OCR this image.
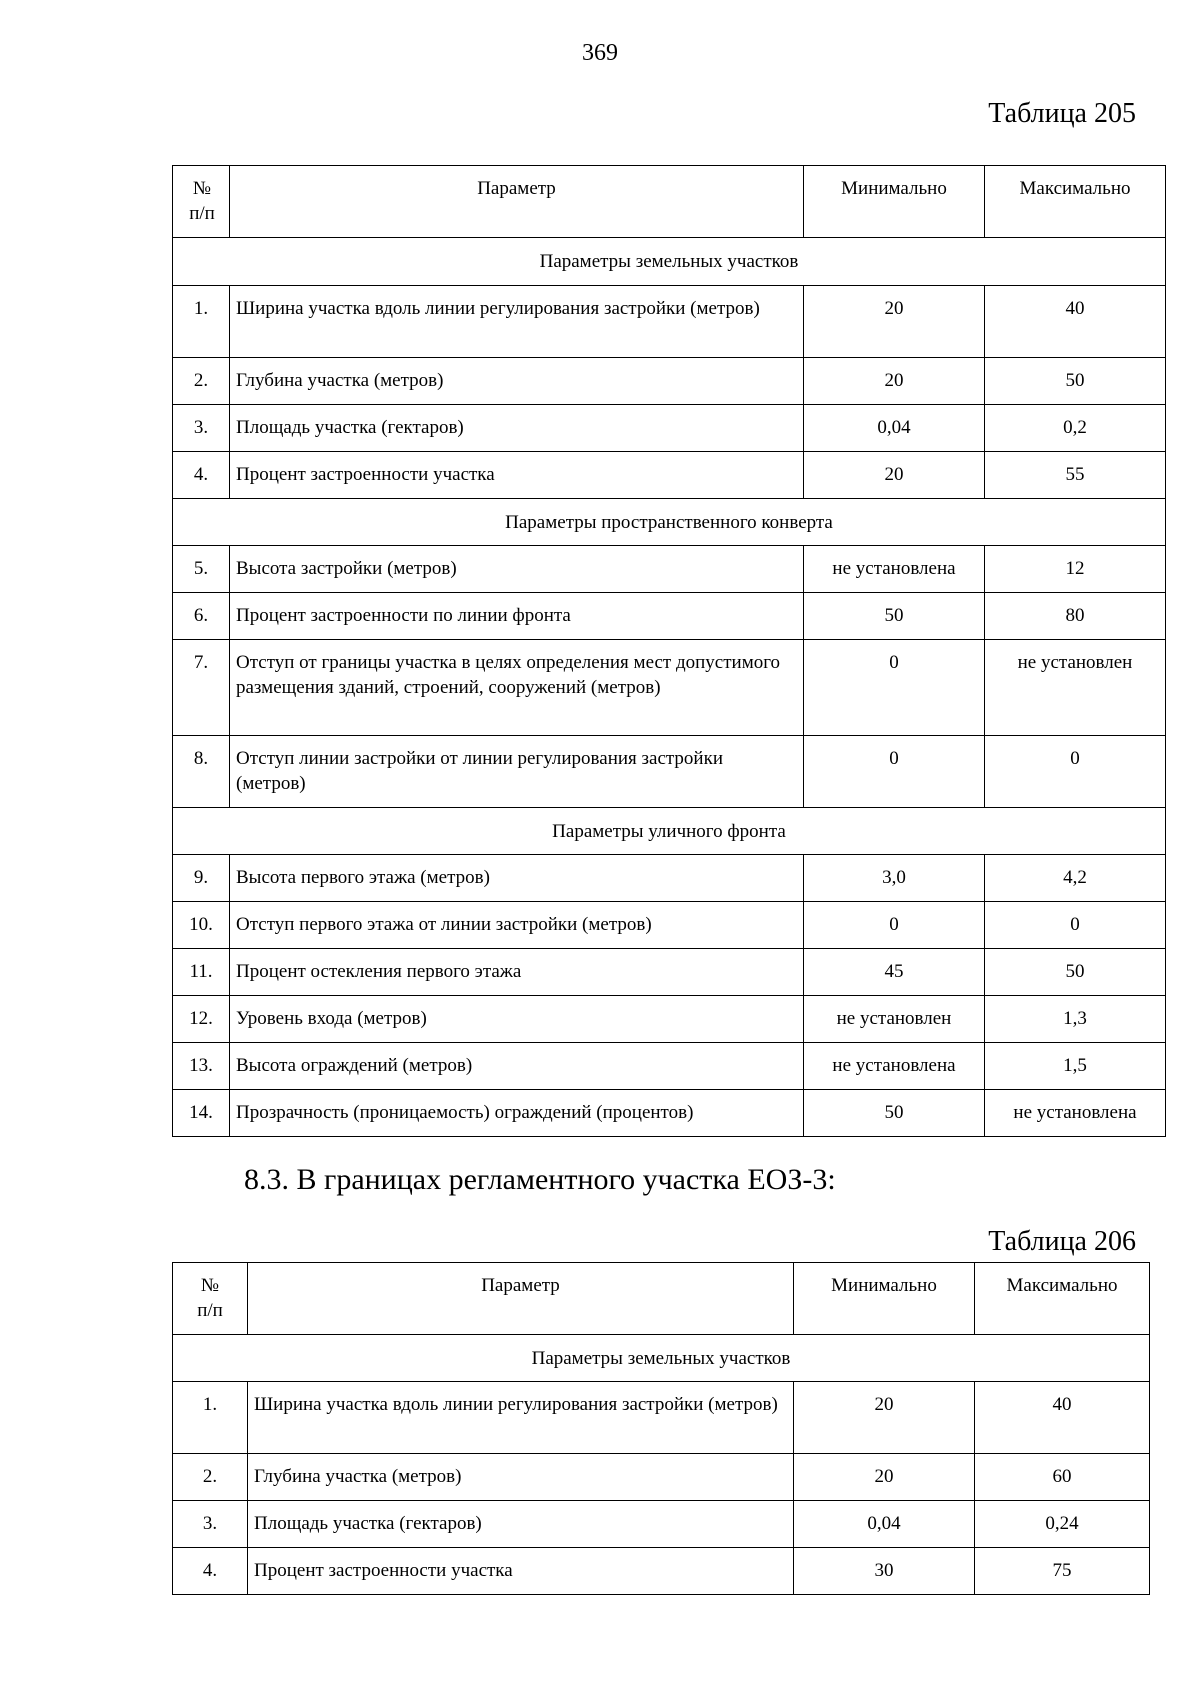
369
Таблица 205
№
п/п	Параметр	Минимально	Максимально
Параметры земельных участков			
1.	Ширина участка вдоль линии регулирования застройки (метров)	20	40
2.	Глубина участка (метров)	20	50
3.	Площадь участка (гектаров)	0,04	0,2
4.	Процент застроенности участка	20	55
Параметры пространственного конверта			
5.	Высота застройки (метров)	не установлена	12
6.	Процент застроенности по линии фронта	50	80
7.	Отступ от границы участка в целях определения мест допустимого размещения зданий, строений, сооружений (метров)	0	не установлен
8.	Отступ линии застройки от линии регулирования застройки (метров)	0	0
Параметры уличного фронта			
9.	Высота первого этажа (метров)	3,0	4,2
10.	Отступ первого этажа от линии застройки (метров)	0	0
11.	Процент остекления первого этажа	45	50
12.	Уровень входа (метров)	не установлен	1,3
13.	Высота ограждений (метров)	не установлена	1,5
14.	Прозрачность (проницаемость) ограждений (процентов)	50	не установлена
8.3. В границах регламентного участка ЕОЗ-3:
Таблица 206
№
п/п	Параметр	Минимально	Максимально
Параметры земельных участков			
1.	Ширина участка вдоль линии регулирования застройки (метров)	20	40
2.	Глубина участка (метров)	20	60
3.	Площадь участка (гектаров)	0,04	0,24
4.	Процент застроенности участка	30	75
